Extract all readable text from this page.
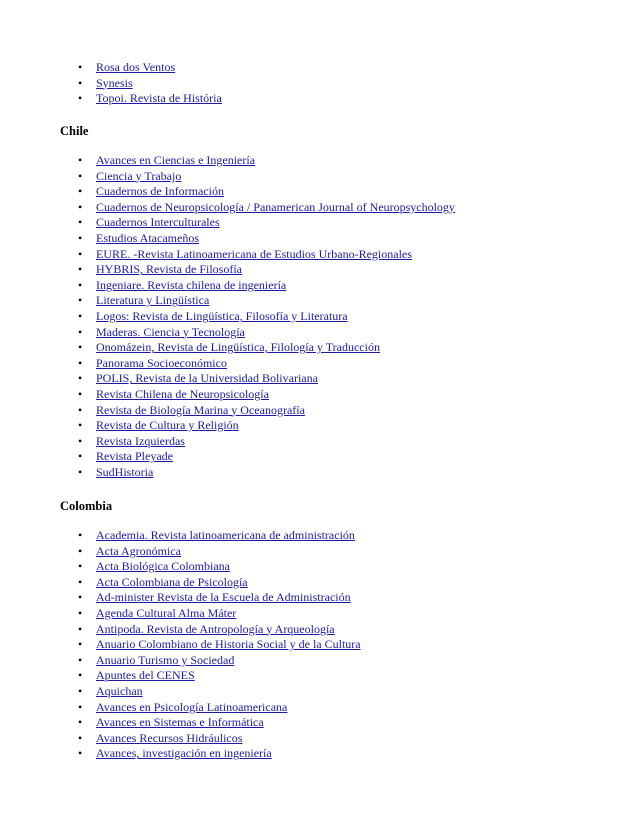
• Rosa dos Ventos
• Synesis
• Topoi. Revista de História
Chile
• Avances en Ciencias e Ingeniería
• Ciencia y Trabajo
• Cuadernos de Información
• Cuadernos de Neuropsicología / Panamerican Journal of Neuropsychology
• Cuadernos Interculturales
• Estudios Atacameños
• EURE. -Revista Latinoamericana de Estudios Urbano-Regionales
• HYBRIS, Revista de Filosofía
• Ingeniare. Revista chilena de ingeniería
• Literatura y Lingüística
• Logos: Revista de Lingüística, Filosofía y Literatura
• Maderas. Ciencia y Tecnología
• Onomázein, Revista de Lingüística, Filología y Traducción
• Panorama Socioeconómico
• POLIS, Revista de la Universidad Bolivariana
• Revista Chilena de Neuropsicología
• Revista de Biología Marina y Oceanografía
• Revista de Cultura y Religión
• Revista Izquierdas
• Revista Pleyade
• SudHistoria
Colombia
• Academia. Revista latinoamericana de administración
• Acta Agronómica
• Acta Biológica Colombiana
• Acta Colombiana de Psicología
• Ad-minister Revista de la Escuela de Administración
• Agenda Cultural Alma Máter
• Antipoda. Revista de Antropología y Arqueología
• Anuario Colombiano de Historia Social y de la Cultura
• Anuario Turismo y Sociedad
• Apuntes del CENES
• Aquichan
• Avances en Psicología Latinoamericana
• Avances en Sistemas e Informática
• Avances Recursos Hidráulicos
• Avances, investigación en ingeniería
